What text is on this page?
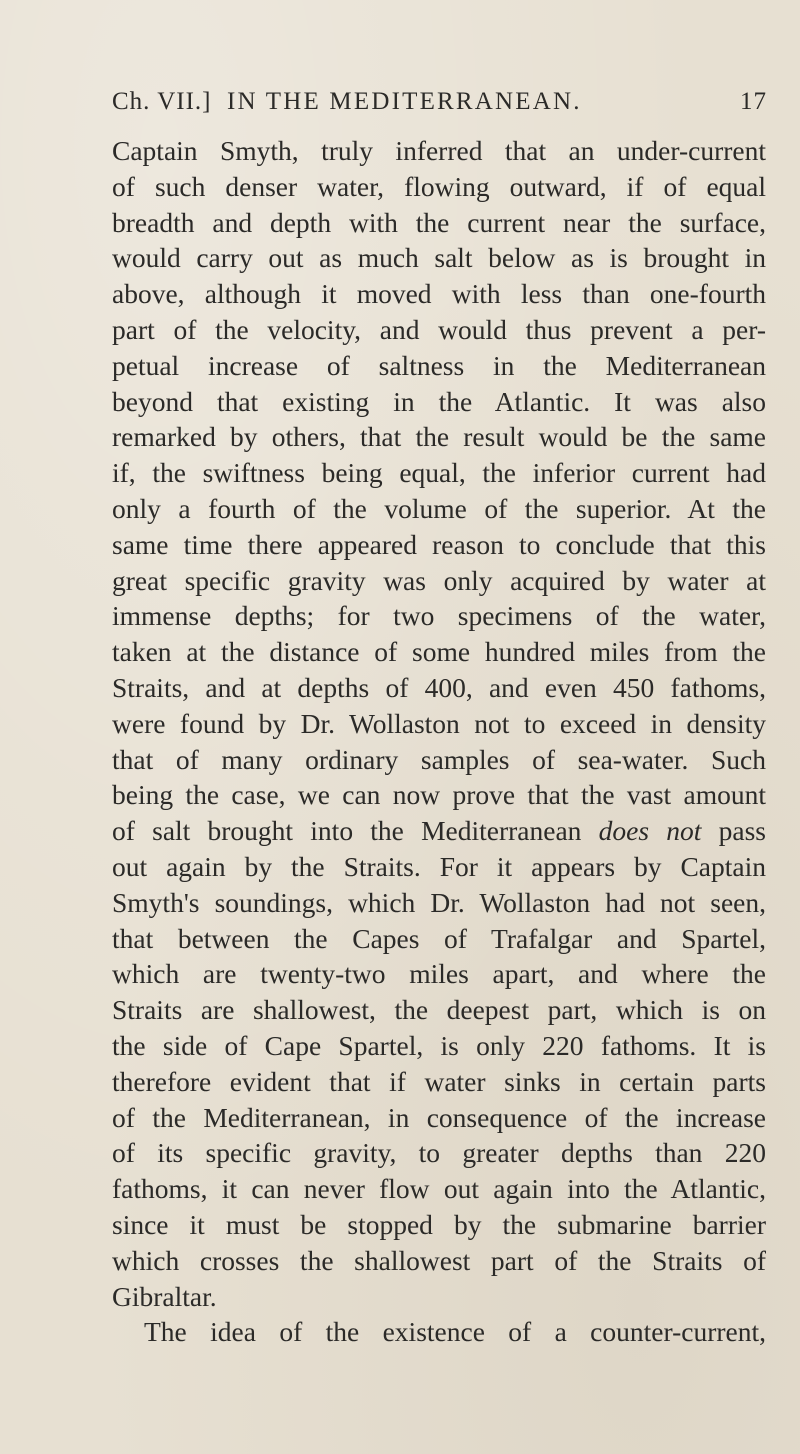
Ch. VII.] IN THE MEDITERRANEAN.	17
Captain Smyth, truly inferred that an under-current
of such denser water, flowing outward, if of equal
breadth and depth with the current near the surface,
would carry out as much salt below as is brought in
above, although it moved with less than one-fourth
part of the velocity, and would thus prevent a per-
petual increase of saltness in the Mediterranean
beyond that existing in the Atlantic. It was also
remarked by others, that the result would be the same
if, the swiftness being equal, the inferior current had
only a fourth of the volume of the superior. At the
same time there appeared reason to conclude that this
great specific gravity was only acquired by water at
immense depths; for two specimens of the water,
taken at the distance of some hundred miles from the
Straits, and at depths of 400, and even 450 fathoms,
were found by Dr. Wollaston not to exceed in density
that of many ordinary samples of sea-water. Such
being the case, we can now prove that the vast amount
of salt brought into the Mediterranean does not pass
out again by the Straits. For it appears by Captain
Smyth's soundings, which Dr. Wollaston had not seen,
that between the Capes of Trafalgar and Spartel,
which are twenty-two miles apart, and where the
Straits are shallowest, the deepest part, which is on
the side of Cape Spartel, is only 220 fathoms. It is
therefore evident that if water sinks in certain parts
of the Mediterranean, in consequence of the increase
of its specific gravity, to greater depths than 220
fathoms, it can never flow out again into the Atlantic,
since it must be stopped by the submarine barrier
which crosses the shallowest part of the Straits of
Gibraltar.
The idea of the existence of a counter-current,
